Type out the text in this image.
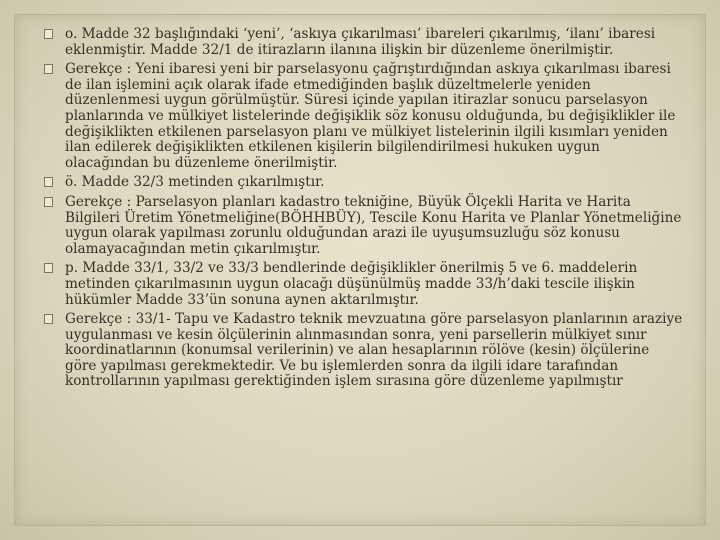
o. Madde 32 başlığındaki ‘yeni’, ‘askıya çıkarılması’ ibareleri çıkarılmış, ‘ilanı’ ibaresi eklenmiştir. Madde 32/1 de itirazların ilanına ilişkin bir düzenleme önerilmiştir.
Gerekçe : Yeni ibaresi yeni bir parselasyonu çağrıştırdığından askıya çıkarılması ibaresi de ilan işlemini açık olarak ifade etmediğinden başlık düzeltmelerle yeniden düzenlenmesi uygun görülmüştür. Süresi içinde yapılan itirazlar sonucu parselasyon planlarında ve mülkiyet listelerinde değişiklik söz konusu olduğunda, bu değişiklikler ile değişiklikten etkilenen parselasyon planı ve mülkiyet listelerinin ilgili kısımları yeniden ilan edilerek değişiklikten etkilenen kişilerin bilgilendirilmesi hukuken uygun olacağından bu düzenleme önerilmiştir.
ö. Madde 32/3 metinden çıkarılmıştır.
Gerekçe : Parselasyon planları kadastro tekniğine, Büyük Ölçekli Harita ve Harita Bilgileri Üretim Yönetmeliğine(BÖHHBÜY), Tescile Konu Harita ve Planlar Yönetmeliğine uygun olarak yapılması zorunlu olduğundan arazi ile uyuşumsuzluğu söz konusu olamayacağından metin çıkarılmıştır.
p. Madde 33/1, 33/2 ve 33/3 bendlerinde değişiklikler önerilmiş 5 ve 6. maddelerin metinden çıkarılmasının uygun olacağı düşünülmüş madde 33/h’daki tescile ilişkin hükümler Madde 33’ün sonuna aynen aktarılmıştır.
Gerekçe : 33/1- Tapu ve Kadastro teknik mevzuatına göre parselasyon planlarının araziye uygulanması ve kesin ölçülerinin alınmasından sonra, yeni parsellerin mülkiyet sınır koordinatlarının (konumsal verilerinin) ve alan hesaplarının rölöve (kesin) ölçülerine göre yapılması gerekmektedir. Ve bu işlemlerden sonra da ilgili idare tarafından kontrollarının yapılması gerektiğinden işlem sırasına göre düzenleme yapılmıştır
